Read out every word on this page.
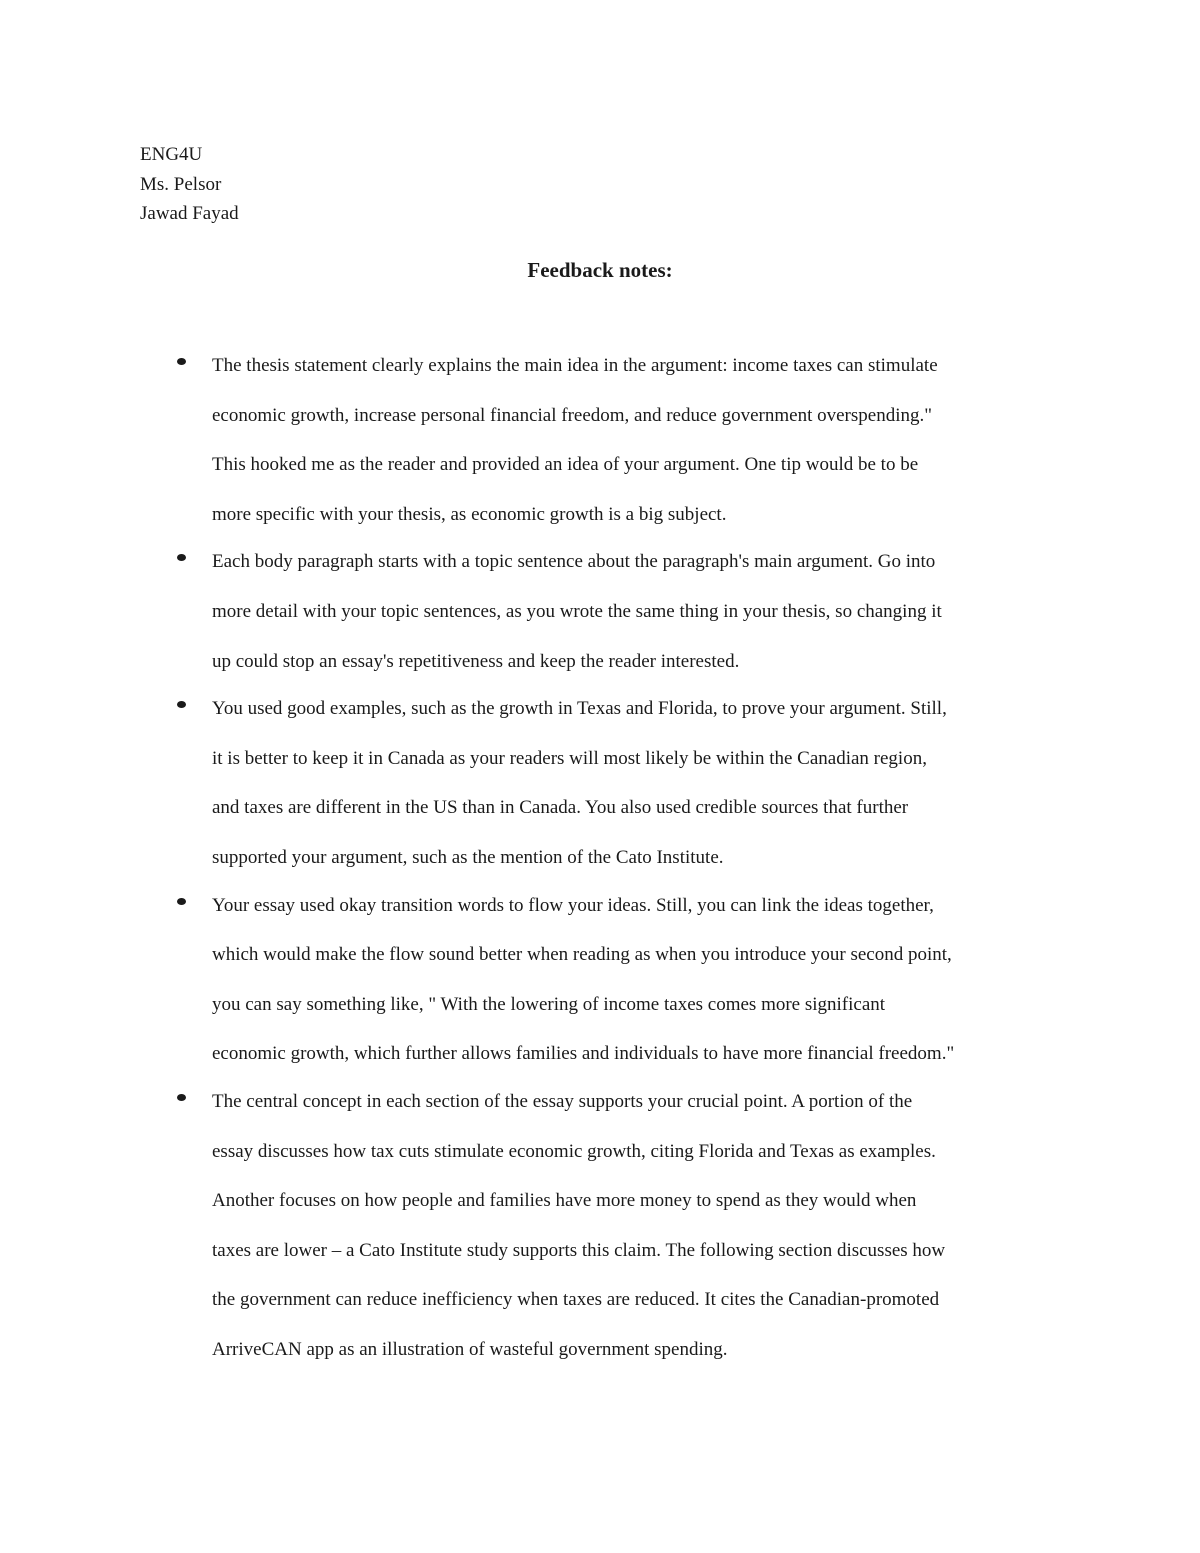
ENG4U
Ms. Pelsor
Jawad Fayad
Feedback notes:
The thesis statement clearly explains the main idea in the argument: income taxes can stimulate
economic growth, increase personal financial freedom, and reduce government overspending."
This hooked me as the reader and provided an idea of your argument. One tip would be to be
more specific with your thesis, as economic growth is a big subject.
Each body paragraph starts with a topic sentence about the paragraph's main argument. Go into
more detail with your topic sentences, as you wrote the same thing in your thesis, so changing it
up could stop an essay's repetitiveness and keep the reader interested.
You used good examples, such as the growth in Texas and Florida, to prove your argument. Still,
it is better to keep it in Canada as your readers will most likely be within the Canadian region,
and taxes are different in the US than in Canada. You also used credible sources that further
supported your argument, such as the mention of the Cato Institute.
Your essay used okay transition words to flow your ideas. Still, you can link the ideas together,
which would make the flow sound better when reading as when you introduce your second point,
you can say something like, " With the lowering of income taxes comes more significant
economic growth, which further allows families and individuals to have more financial freedom."
The central concept in each section of the essay supports your crucial point. A portion of the
essay discusses how tax cuts stimulate economic growth, citing Florida and Texas as examples.
Another focuses on how people and families have more money to spend as they would when
taxes are lower – a Cato Institute study supports this claim. The following section discusses how
the government can reduce inefficiency when taxes are reduced. It cites the Canadian-promoted
ArriveCAN app as an illustration of wasteful government spending.
